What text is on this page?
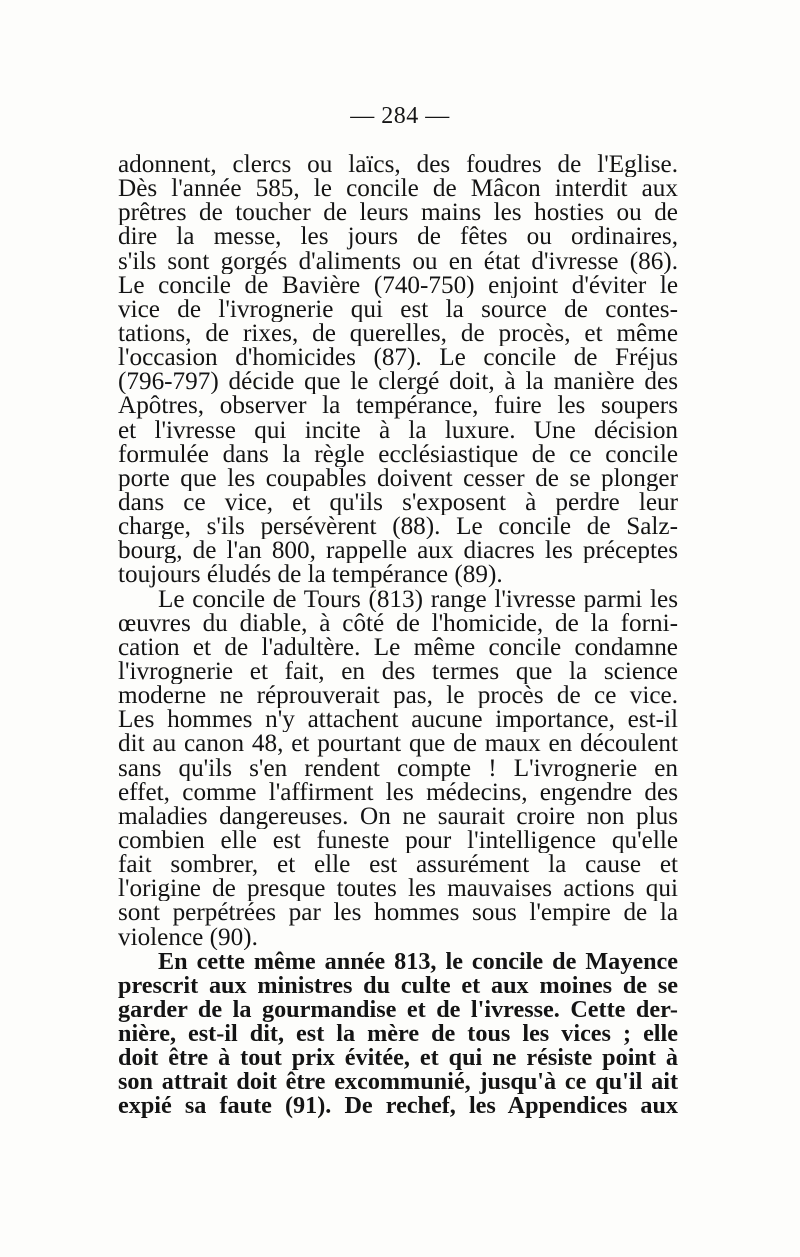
— 284 —
adonnent, clercs ou laïcs, des foudres de l'Eglise.
Dès l'année 585, le concile de Mâcon interdit aux
prêtres de toucher de leurs mains les hosties ou de
dire la messe, les jours de fêtes ou ordinaires,
s'ils sont gorgés d'aliments ou en état d'ivresse (86).
Le concile de Bavière (740-750) enjoint d'éviter le
vice de l'ivrognerie qui est la source de contes-
tations, de rixes, de querelles, de procès, et même
l'occasion d'homicides (87). Le concile de Fréjus
(796-797) décide que le clergé doit, à la manière des
Apôtres, observer la tempérance, fuire les soupers
et l'ivresse qui incite à la luxure. Une décision
formulée dans la règle ecclésiastique de ce concile
porte que les coupables doivent cesser de se plonger
dans ce vice, et qu'ils s'exposent à perdre leur
charge, s'ils persévèrent (88). Le concile de Salz-
bourg, de l'an 800, rappelle aux diacres les préceptes
toujours éludés de la tempérance (89).
Le concile de Tours (813) range l'ivresse parmi les
œuvres du diable, à côté de l'homicide, de la forni-
cation et de l'adultère. Le même concile condamne
l'ivrognerie et fait, en des termes que la science
moderne ne réprouverait pas, le procès de ce vice.
Les hommes n'y attachent aucune importance, est-il
dit au canon 48, et pourtant que de maux en découlent
sans qu'ils s'en rendent compte ! L'ivrognerie en
effet, comme l'affirment les médecins, engendre des
maladies dangereuses. On ne saurait croire non plus
combien elle est funeste pour l'intelligence qu'elle
fait sombrer, et elle est assurément la cause et
l'origine de presque toutes les mauvaises actions qui
sont perpétrées par les hommes sous l'empire de la
violence (90).
En cette même année 813, le concile de Mayence
prescrit aux ministres du culte et aux moines de se
garder de la gourmandise et de l'ivresse. Cette der-
nière, est-il dit, est la mère de tous les vices ; elle
doit être à tout prix évitée, et qui ne résiste point à
son attrait doit être excommunié, jusqu'à ce qu'il ait
expié sa faute (91). De rechef, les Appendices aux
